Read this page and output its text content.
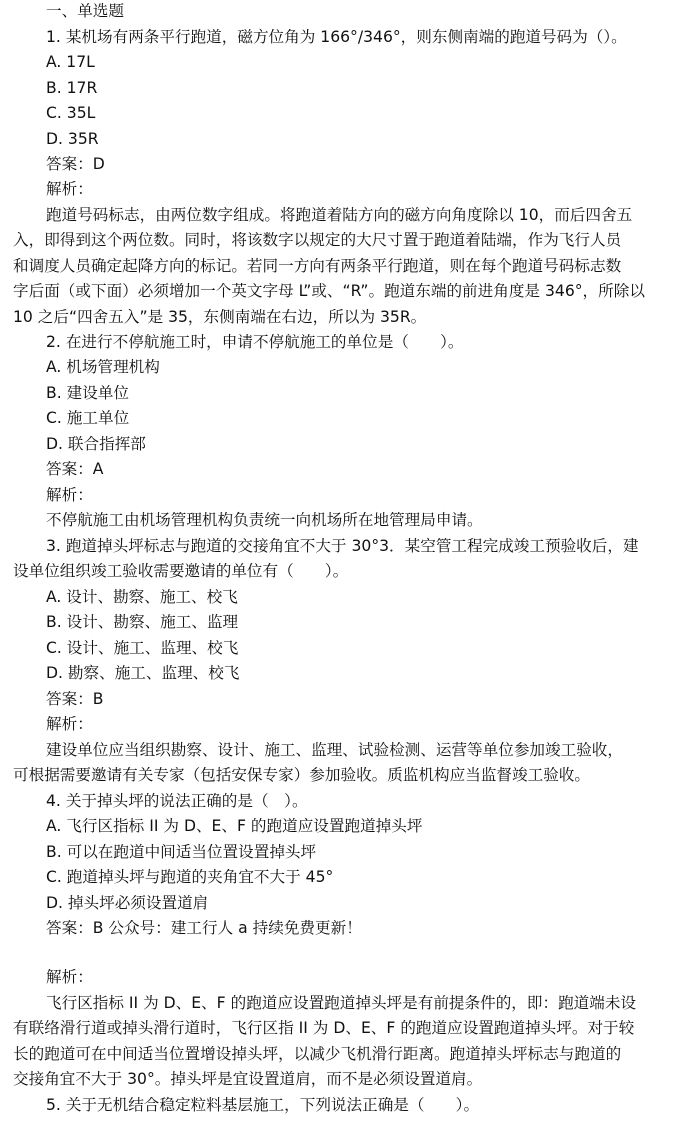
一、单选题
1. 某机场有两条平行跑道，磁方位角为 166°/346°，则东侧南端的跑道号码为（）。
A. 17L
B. 17R
C. 35L
D. 35R
答案：D
解析：
跑道号码标志，由两位数字组成。将跑道着陆方向的磁方向角度除以 10，而后四舍五
入，即得到这个两位数。同时，将该数字以规定的大尺寸置于跑道着陆端，作为飞行人员
和调度人员确定起降方向的标记。若同一方向有两条平行跑道，则在每个跑道号码标志数
字后面（或下面）必须增加一个英文字母 L”或、“R”。跑道东端的前进角度是 346°，所除以
10 之后“四舍五入”是 35，东侧南端在右边，所以为 35R。
2. 在进行不停航施工时，申请不停航施工的单位是（　　）。
A. 机场管理机构
B. 建设单位
C. 施工单位
D. 联合指挥部
答案：A
解析：
不停航施工由机场管理机构负责统一向机场所在地管理局申请。
3. 跑道掉头坪标志与跑道的交接角宜不大于 30°3．某空管工程完成竣工预验收后，建
设单位组织竣工验收需要邀请的单位有（　　）。
A. 设计、勘察、施工、校飞
B. 设计、勘察、施工、监理
C. 设计、施工、监理、校飞
D. 勘察、施工、监理、校飞
答案：B
解析：
建设单位应当组织勘察、设计、施工、监理、试验检测、运营等单位参加竣工验收，
可根据需要邀请有关专家（包括安保专家）参加验收。质监机构应当监督竣工验收。
4. 关于掉头坪的说法正确的是（　）。
A. 飞行区指标 II 为 D、E、F 的跑道应设置跑道掉头坪
B. 可以在跑道中间适当位置设置掉头坪
C. 跑道掉头坪与跑道的夹角宜不大于 45°
D. 掉头坪必须设置道肩
答案：B 公众号：建工行人 a 持续免费更新！
解析：
飞行区指标 II 为 D、E、F 的跑道应设置跑道掉头坪是有前提条件的，即：跑道端未设
有联络滑行道或掉头滑行道时，飞行区指 II 为 D、E、F 的跑道应设置跑道掉头坪。对于较
长的跑道可在中间适当位置增设掉头坪，以减少飞机滑行距离。跑道掉头坪标志与跑道的
交接角宜不大于 30°。掉头坪是宜设置道肩，而不是必须设置道肩。
5. 关于无机结合稳定粒料基层施工，下列说法正确是（　　）。
